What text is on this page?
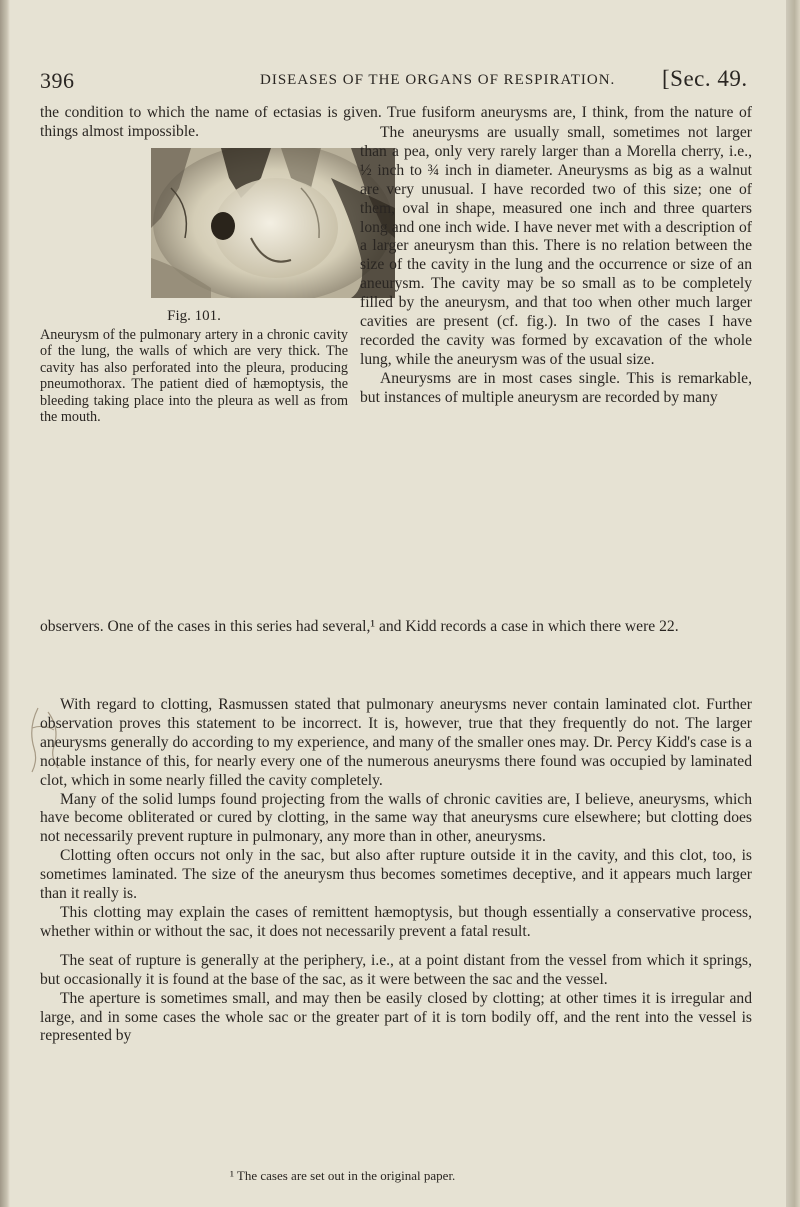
396	DISEASES OF THE ORGANS OF RESPIRATION. [Sec. 49.

the condition to which the name of ectasias is given. True fusiform aneurysms are, I think, from the nature of things almost impossible.

Fig. 101.
Aneurysm of the pulmonary artery in a chronic cavity of the lung, the walls of which are very thick. The cavity has also perforated into the pleura, producing pneumothorax. The patient died of hæmoptysis, the bleeding taking place into the pleura as well as from the mouth.

The aneurysms are usually small, sometimes not larger than a pea, only very rarely larger than a Morella cherry, i.e., ½ inch to ¾ inch in diameter. Aneurysms as big as a walnut are very unusual. I have recorded two of this size; one of them, oval in shape, measured one inch and three quarters long and one inch wide. I have never met with a description of a larger aneurysm than this. There is no relation between the size of the cavity in the lung and the occurrence or size of an aneurysm. The cavity may be so small as to be completely filled by the aneurysm, and that too when other much larger cavities are present (cf. fig.). In two of the cases I have recorded the cavity was formed by excavation of the whole lung, while the aneurysm was of the usual size.

Aneurysms are in most cases single. This is remarkable, but instances of multiple aneurysm are recorded by many

observers. One of the cases in this series had several,¹ and Kidd records a case in which there were 22.

With regard to clotting, Rasmussen stated that pulmonary aneurysms never contain laminated clot. Further observation proves this statement to be incorrect. It is, however, true that they frequently do not. The larger aneurysms generally do according to my experience, and many of the smaller ones may. Dr. Percy Kidd's case is a notable instance of this, for nearly every one of the numerous aneurysms there found was occupied by laminated clot, which in some nearly filled the cavity completely.

Many of the solid lumps found projecting from the walls of chronic cavities are, I believe, aneurysms, which have become obliterated or cured by clotting, in the same way that aneurysms cure elsewhere; but clotting does not necessarily prevent rupture in pulmonary, any more than in other, aneurysms.

Clotting often occurs not only in the sac, but also after rupture outside it in the cavity, and this clot, too, is sometimes laminated. The size of the aneurysm thus becomes sometimes deceptive, and it appears much larger than it really is.

This clotting may explain the cases of remittent hæmoptysis, but though essentially a conservative process, whether within or without the sac, it does not necessarily prevent a fatal result.

The seat of rupture is generally at the periphery, i.e., at a point distant from the vessel from which it springs, but occasionally it is found at the base of the sac, as it were between the sac and the vessel.

The aperture is sometimes small, and may then be easily closed by clotting; at other times it is irregular and large, and in some cases the whole sac or the greater part of it is torn bodily off, and the rent into the vessel is represented by

¹ The cases are set out in the original paper.
